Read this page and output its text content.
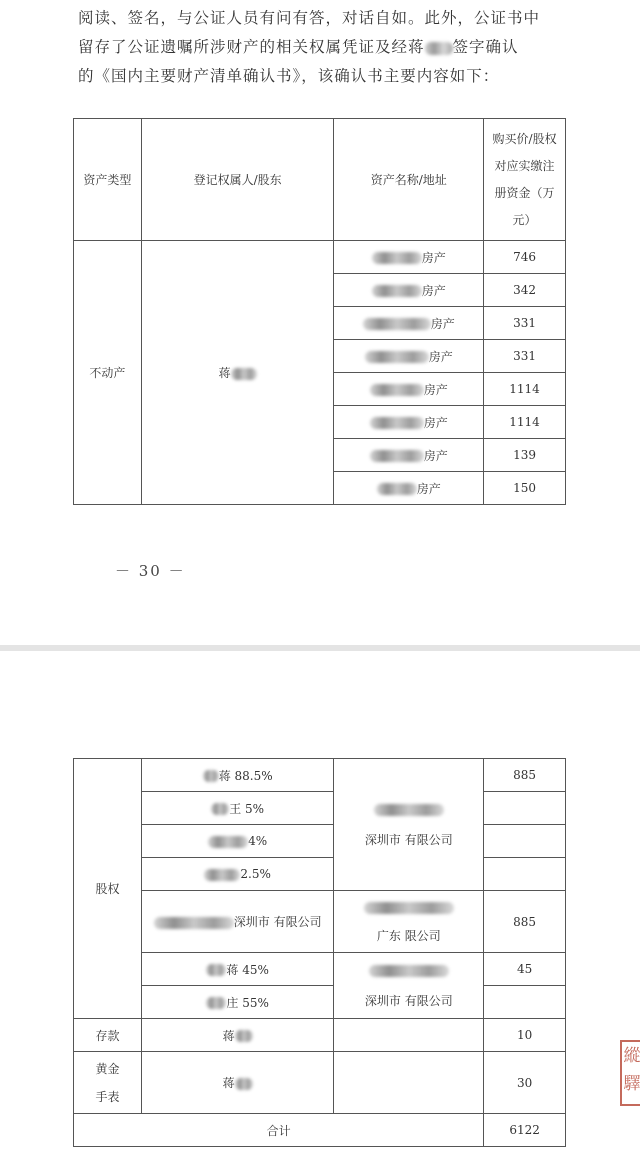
阅读、签名，与公证人员有问有答，对话自如。此外，公证书中

留存了公证遗嘱所涉财产的相关权属凭证及经蒋 签字确认

的《国内主要财产清单确认书》，该确认书主要内容如下：

资产类型	登记权属人/股东	资产名称/地址	购买价/股权对应实缴注册资金（万元）
不动产	蒋	房产	746
		房产	342
		房产	331
		房产	331
		房产	1114
		房产	1114
		房产	139
		房产	150
－ 30 －
股权	蒋 88.5%	深圳市 有限公司	885
	王 5%		
	4%		
	2.5%		
	深圳市 有限公司	广东 限公司	885
	蒋 45%	深圳市 有限公司	45
	庄 55%		
存款	蒋		10
黄金手表	蒋		30
合计			6122
縱驛
